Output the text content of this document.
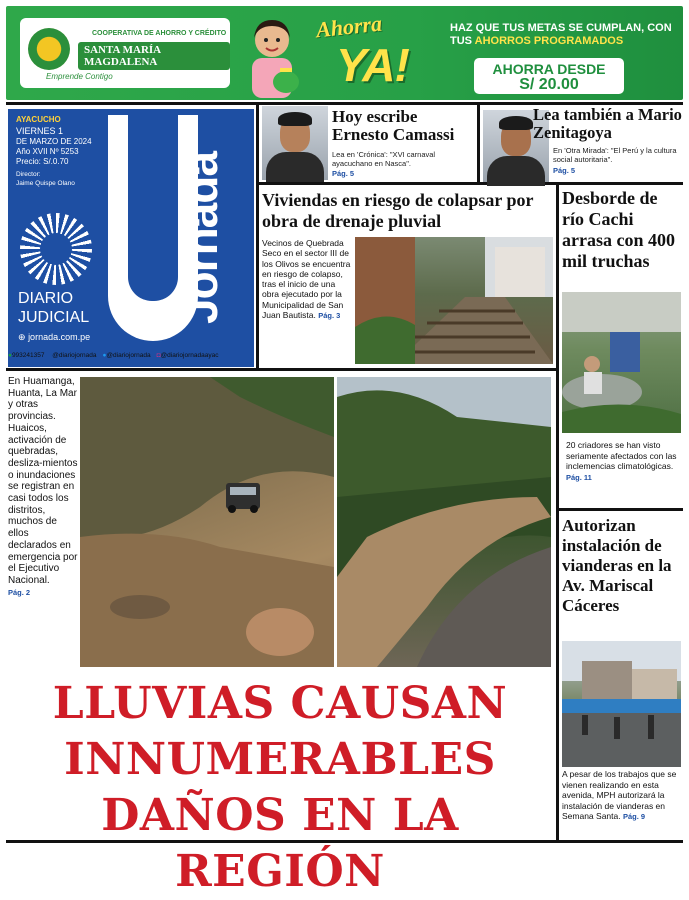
COOPERATIVA DE AHORRO Y CRÉDITO
SANTA MARÍA MAGDALENA
Emprende Contigo
Ahorra
YA!
HAZ QUE TUS METAS SE CUMPLAN, CON
TUS AHORROS PROGRAMADOS
AHORRA DESDE
S/ 20.00
AYACUCHO
VIERNES 1
DE MARZO DE 2024
Año XVII Nº 5253
Precio: S/.0.70
Director:
Jaime Quispe Olano Jornada
DIARIO
JUDICIAL
⊕ jornada.com.pe
●993241357 f@diariojornada ●@diariojornada ◘@diariojornadaayac
Hoy escribe Ernesto Camassi

Lea en 'Crónica': "XVI carnaval ayacuchano en Nasca".

Pág. 5
Lea también a Mario Zenitagoya

En 'Otra Mirada': "El Perú y la cultura social autoritaria".

Pág. 5
Viviendas en riesgo de colapsar por obra de drenaje pluvial
Vecinos de Quebrada Seco en el sector III de los Olivos se encuentra en riesgo de colapso, tras el inicio de una obra ejecutado por la Municipalidad de San Juan Bautista. Pág. 3
Desborde de río Cachi arrasa con 400 mil truchas
20 criadores se han visto seriamente afectados con las inclemencias climatológicas. Pág. 11
Autorizan instalación de vianderas en la Av. Mariscal Cáceres
A pesar de los trabajos que se vienen realizando en esta avenida, MPH autorizará la instalación de vianderas en Semana Santa. Pág. 9
En Huamanga, Huanta, La Mar y otras provincias. Huaicos, activación de quebradas, desliza-mientos o inundaciones se registran en casi todos los distritos, muchos de ellos declarados en emergencia por el Ejecutivo Nacional.
Pág. 2
LLUVIAS CAUSAN
INNUMERABLES
DAÑOS EN LA REGIÓN
